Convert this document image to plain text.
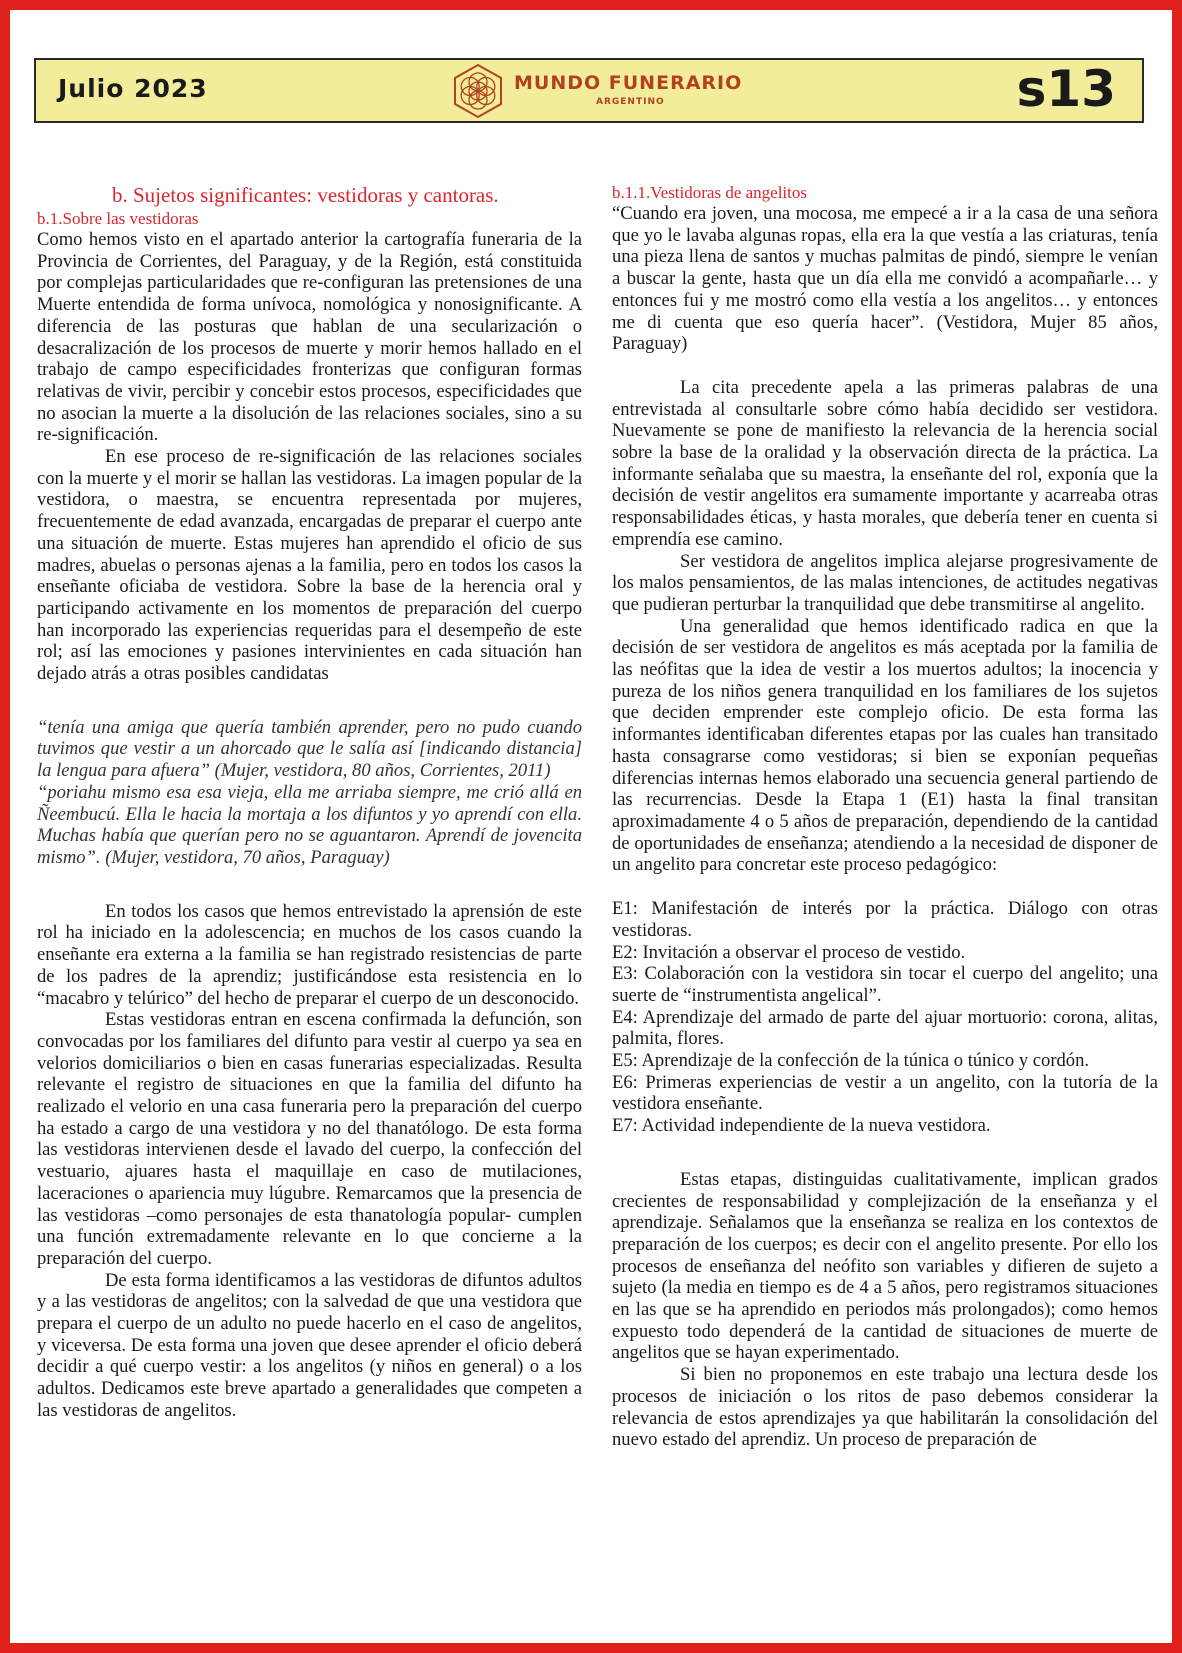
Julio 2023	MUNDO FUNERARIO
ARGENTINO	s13
b. Sujetos significantes: vestidoras y cantoras.
b.1.Sobre las vestidoras

Como hemos visto en el apartado anterior la cartografía funeraria de la Provincia de Corrientes, del Paraguay, y de la Región, está constituida por complejas particularidades que re-configuran las pretensiones de una Muerte entendida de forma unívoca, nomológica y nonosignificante. A diferencia de las posturas que hablan de una secularización o desacralización de los procesos de muerte y morir hemos hallado en el trabajo de campo especificidades fronterizas que configuran formas relativas de vivir, percibir y concebir estos procesos, especificidades que no asocian la muerte a la disolución de las relaciones sociales, sino a su re-significación.

En ese proceso de re-significación de las relaciones sociales con la muerte y el morir se hallan las vestidoras. La imagen popular de la vestidora, o maestra, se encuentra representada por mujeres, frecuentemente de edad avanzada, encargadas de preparar el cuerpo ante una situación de muerte. Estas mujeres han aprendido el oficio de sus madres, abuelas o personas ajenas a la familia, pero en todos los casos la enseñante oficiaba de vestidora. Sobre la base de la herencia oral y participando activamente en los momentos de preparación del cuerpo han incorporado las experiencias requeridas para el desempeño de este rol; así las emociones y pasiones intervinientes en cada situación han dejado atrás a otras posibles candidatas

“tenía una amiga que quería también aprender, pero no pudo cuando tuvimos que vestir a un ahorcado que le salía así [indicando distancia] la lengua para afuera” (Mujer, vestidora, 80 años, Corrientes, 2011)

“poriahu mismo esa esa vieja, ella me arriaba siempre, me crió allá en Ñeembucú. Ella le hacia la mortaja a los difuntos y yo aprendí con ella. Muchas había que querían pero no se aguantaron. Aprendí de jovencita mismo”. (Mujer, vestidora, 70 años, Paraguay)

En todos los casos que hemos entrevistado la aprensión de este rol ha iniciado en la adolescencia; en muchos de los casos cuando la enseñante era externa a la familia se han registrado resistencias de parte de los padres de la aprendiz; justificándose esta resistencia en lo “macabro y telúrico” del hecho de preparar el cuerpo de un desconocido.

Estas vestidoras entran en escena confirmada la defunción, son convocadas por los familiares del difunto para vestir al cuerpo ya sea en velorios domiciliarios o bien en casas funerarias especializadas. Resulta relevante el registro de situaciones en que la familia del difunto ha realizado el velorio en una casa funeraria pero la preparación del cuerpo ha estado a cargo de una vestidora y no del thanatólogo. De esta forma las vestidoras intervienen desde el lavado del cuerpo, la confección del vestuario, ajuares hasta el maquillaje en caso de mutilaciones, laceraciones o apariencia muy lúgubre. Remarcamos que la presencia de las vestidoras –como personajes de esta thanatología popular- cumplen una función extremadamente relevante en lo que concierne a la preparación del cuerpo.

De esta forma identificamos a las vestidoras de difuntos adultos y a las vestidoras de angelitos; con la salvedad de que una vestidora que prepara el cuerpo de un adulto no puede hacerlo en el caso de angelitos, y viceversa. De esta forma una joven que desee aprender el oficio deberá decidir a qué cuerpo vestir: a los angelitos (y niños en general) o a los adultos. Dedicamos este breve apartado a generalidades que competen a las vestidoras de angelitos.

b.1.1.Vestidoras de angelitos

“Cuando era joven, una mocosa, me empecé a ir a la casa de una señora que yo le lavaba algunas ropas, ella era la que vestía a las criaturas, tenía una pieza llena de santos y muchas palmitas de pindó, siempre le venían a buscar la gente, hasta que un día ella me convidó a acompañarle… y entonces fui y me mostró como ella vestía a los angelitos… y entonces me di cuenta que eso quería hacer”. (Vestidora, Mujer 85 años, Paraguay)

La cita precedente apela a las primeras palabras de una entrevistada al consultarle sobre cómo había decidido ser vestidora. Nuevamente se pone de manifiesto la relevancia de la herencia social sobre la base de la oralidad y la observación directa de la práctica. La informante señalaba que su maestra, la enseñante del rol, exponía que la decisión de vestir angelitos era sumamente importante y acarreaba otras responsabilidades éticas, y hasta morales, que debería tener en cuenta si emprendía ese camino.

Ser vestidora de angelitos implica alejarse progresivamente de los malos pensamientos, de las malas intenciones, de actitudes negativas que pudieran perturbar la tranquilidad que debe transmitirse al angelito.

Una generalidad que hemos identificado radica en que la decisión de ser vestidora de angelitos es más aceptada por la familia de las neófitas que la idea de vestir a los muertos adultos; la inocencia y pureza de los niños genera tranquilidad en los familiares de los sujetos que deciden emprender este complejo oficio. De esta forma las informantes identificaban diferentes etapas por las cuales han transitado hasta consagrarse como vestidoras; si bien se exponían pequeñas diferencias internas hemos elaborado una secuencia general partiendo de las recurrencias. Desde la Etapa 1 (E1) hasta la final transitan aproximadamente 4 o 5 años de preparación, dependiendo de la cantidad de oportunidades de enseñanza; atendiendo a la necesidad de disponer de un angelito para concretar este proceso pedagógico:

E1: Manifestación de interés por la práctica. Diálogo con otras vestidoras.

E2: Invitación a observar el proceso de vestido.

E3: Colaboración con la vestidora sin tocar el cuerpo del angelito; una suerte de “instrumentista angelical”.

E4: Aprendizaje del armado de parte del ajuar mortuorio: corona, alitas, palmita, flores.

E5: Aprendizaje de la confección de la túnica o túnico y cordón.

E6: Primeras experiencias de vestir a un angelito, con la tutoría de la vestidora enseñante.

E7: Actividad independiente de la nueva vestidora.

Estas etapas, distinguidas cualitativamente, implican grados crecientes de responsabilidad y complejización de la enseñanza y el aprendizaje. Señalamos que la enseñanza se realiza en los contextos de preparación de los cuerpos; es decir con el angelito presente. Por ello los procesos de enseñanza del neófito son variables y difieren de sujeto a sujeto (la media en tiempo es de 4 a 5 años, pero registramos situaciones en las que se ha aprendido en periodos más prolongados); como hemos expuesto todo dependerá de la cantidad de situaciones de muerte de angelitos que se hayan experimentado.

Si bien no proponemos en este trabajo una lectura desde los procesos de iniciación o los ritos de paso debemos considerar la relevancia de estos aprendizajes ya que habilitarán la consolidación del nuevo estado del aprendiz. Un proceso de preparación de
